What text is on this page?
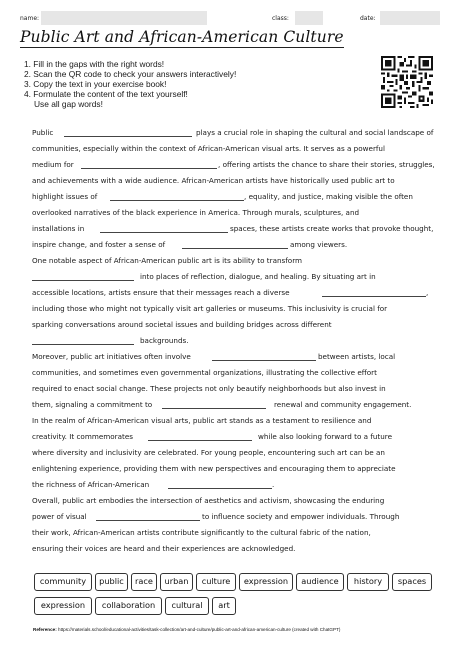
name:	class:	date:
Public Art and African-American Culture
1. Fill in the gaps with the right words!
2. Scan the QR code to check your answers interactively!
3. Copy the text in your exercise book!
4. Formulate the content of the text yourself!
Use all gap words!
Public	plays a crucial role in shaping the cultural and social landscape of
communities, especially within the context of African-American visual arts. It serves as a powerful
medium for	, offering artists the chance to share their stories, struggles,
and achievements with a wide audience. African-American artists have historically used public art to
highlight issues of	, equality, and justice, making visible the often
overlooked narratives of the black experience in America. Through murals, sculptures, and
installations in	spaces, these artists create works that provoke thought,
inspire change, and foster a sense of	among viewers.
One notable aspect of African-American public art is its ability to transform
into places of reflection, dialogue, and healing. By situating art in
accessible locations, artists ensure that their messages reach a diverse	,
including those who might not typically visit art galleries or museums. This inclusivity is crucial for
sparking conversations around societal issues and building bridges across different
backgrounds.
Moreover, public art initiatives often involve	between artists, local
communities, and sometimes even governmental organizations, illustrating the collective effort
required to enact social change. These projects not only beautify neighborhoods but also invest in
them, signaling a commitment to	renewal and community engagement.
In the realm of African-American visual arts, public art stands as a testament to resilience and
creativity. It commemorates	while also looking forward to a future
where diversity and inclusivity are celebrated. For young people, encountering such art can be an
enlightening experience, providing them with new perspectives and encouraging them to appreciate
the richness of African-American	.
Overall, public art embodies the intersection of aesthetics and activism, showcasing the enduring
power of visual	to influence society and empower individuals. Through
their work, African-American artists contribute significantly to the cultural fabric of the nation,
ensuring their voices are heard and their experiences are acknowledged.
community	public	race	urban	culture	expression	audience	history	spaces
expression	collaboration	cultural	art
Reference: https://materials.school/educational-activities/task-collection/art-and-culture/public-art-and-african-american-culture (created with ChatGPT)
